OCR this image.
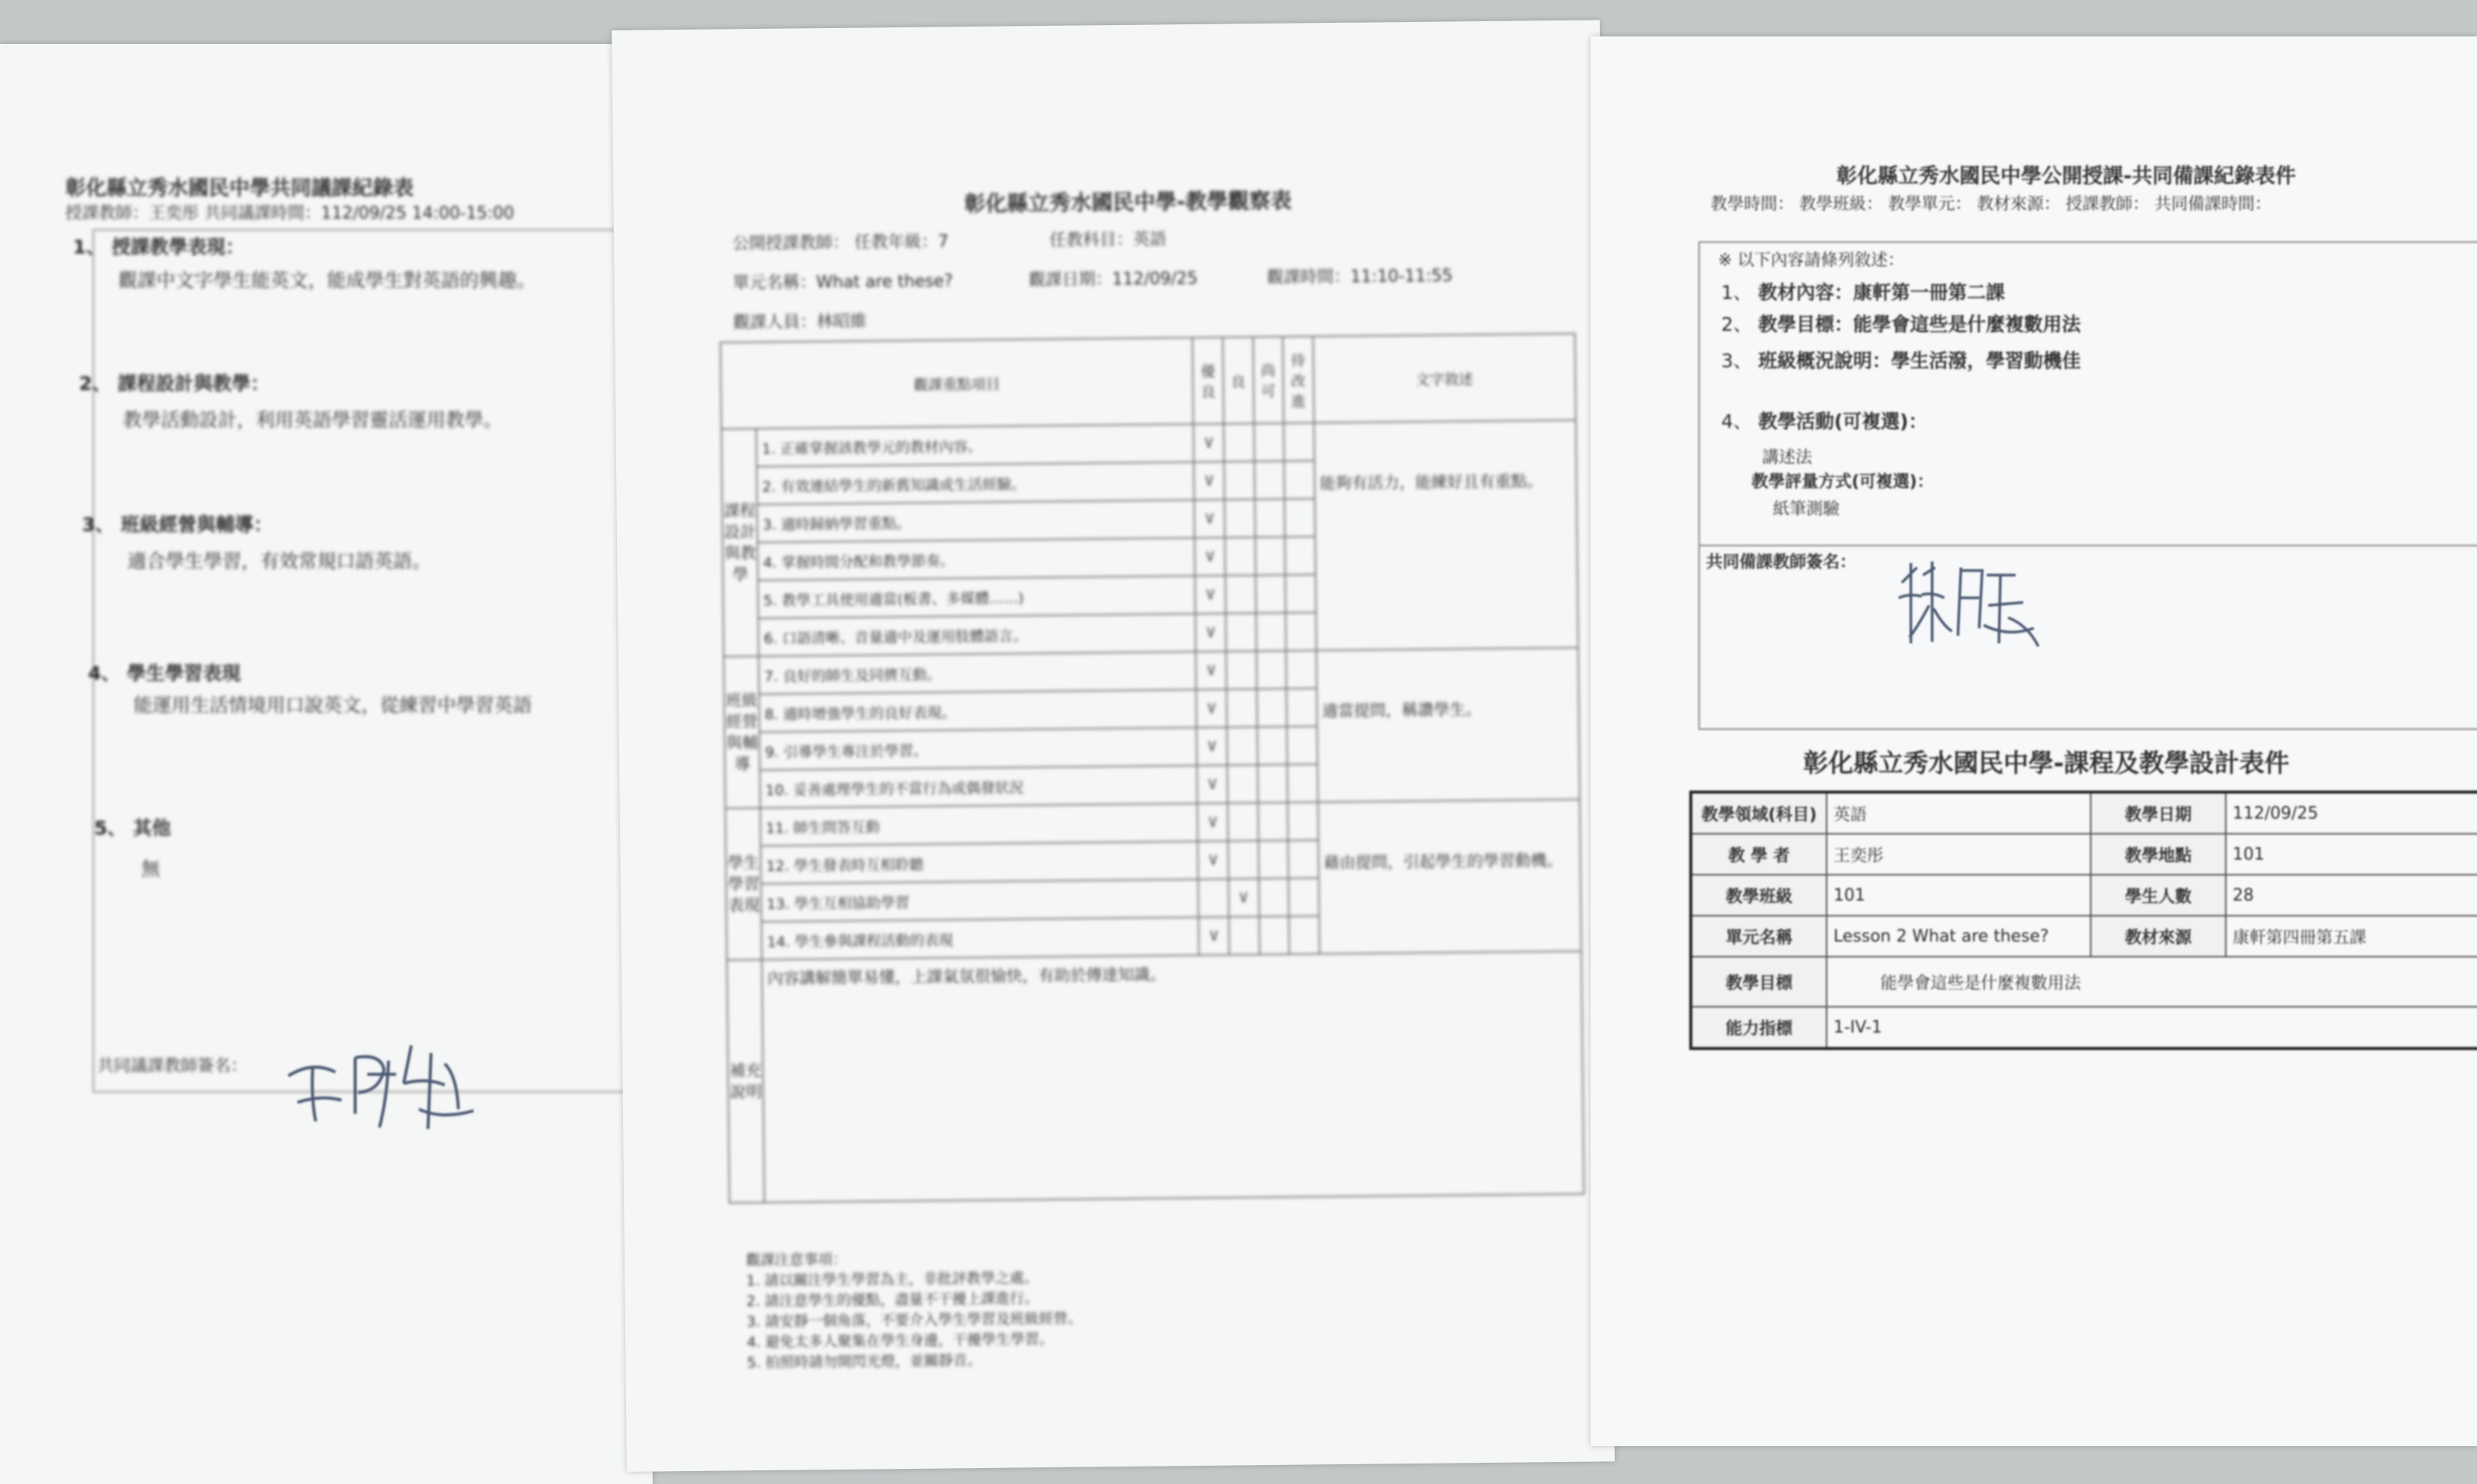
彰化縣立秀水國民中學共同議課紀錄表
授課教師：王奕彤 共同議課時間：112/09/25 14:00-15:00
1、 授課教學表現：
觀課中文字學生能英文，能成學生對英語的興趣。
2、 課程設計與教學：
教學活動設計，利用英語學習靈活運用教學。
3、 班級經營與輔導：
適合學生學習，有效常規口語英語。
4、 學生學習表現
能運用生活情境用口說英文，從練習中學習英語
5、 其他
無
共同議課教師簽名：
彰化縣立秀水國民中學-教學觀察表
公開授課教師： 任教年級：7	任教科目：英語
單元名稱：What are these?	觀課日期：112/09/25	觀課時間：11:10-11:55
觀課人員：林昭維
觀課重點項目		優良	良	尚可	待改進	文字敘述
課程設計與教學	1. 正確掌握該教學元的教材內容。	V				能夠有活力，能練好且有重點。
	2. 有效連結學生的新舊知識或生活經驗。	V				
	3. 適時歸納學習重點。	V				
	4. 掌握時間分配和教學節奏。	V				
	5. 教學工具使用適當(板書、多媒體……)	V				
	6. 口語清晰、音量適中及運用肢體語言。	V				
班級經營與輔導	7. 良好的師生及同儕互動。	V				適當提問，稱讚學生。
	8. 適時增強學生的良好表現。	V				
	9. 引導學生專注於學習。	V				
	10. 妥善處理學生的不當行為或偶發狀況	V				
學生學習表現	11. 師生問答互動	V				藉由提問，引起學生的學習動機。
	12. 學生發表時互相聆聽	V				
	13. 學生互相協助學習		V			
	14. 學生參與課程活動的表現	V				
補充說明	內容講解簡單易懂，上課氣氛很愉快，有助於傳達知識。					
觀課注意事項：
1. 請以關注學生學習為主，非批評教學之處。
2. 請注意學生的優點，盡量不干擾上課進行。
3. 請安靜一個角落，不要介入學生學習及班級經營。
4. 避免太多人聚集在學生身邊，干擾學生學習。
5. 拍照時請勿開閃光燈，並關靜音。
彰化縣立秀水國民中學公開授課-共同備課紀錄表件
教學時間： 教學班級： 教學單元： 教材來源： 授課教師： 共同備課時間：
※ 以下內容請條列敘述：
1、 教材內容：康軒第一冊第二課
2、 教學目標：能學會這些是什麼複數用法
3、 班級概況說明：學生活潑，學習動機佳
4、 教學活動(可複選)：
講述法
教學評量方式(可複選)：
紙筆測驗
共同備課教師簽名：
彰化縣立秀水國民中學-課程及教學設計表件
教學領域(科目)	英語	教學日期	112/09/25
教 學 者	王奕彤	教學地點	101
教學班級	101	學生人數	28
單元名稱	Lesson 2 What are these?	教材來源	康軒第四冊第五課
教學目標	能學會這些是什麼複數用法		
能力指標	1-IV-1		
